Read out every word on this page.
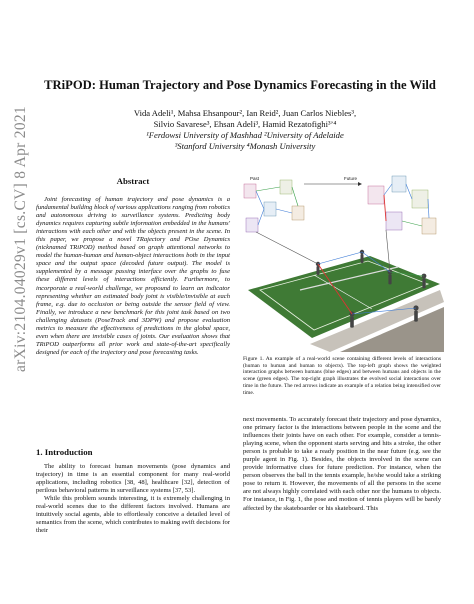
arXiv:2104.04029v1 [cs.CV] 8 Apr 2021
TRiPOD: Human Trajectory and Pose Dynamics Forecasting in the Wild
Vida Adeli¹, Mahsa Ehsanpour², Ian Reid², Juan Carlos Niebles³,
Silvio Savarese³, Ehsan Adeli³, Hamid Rezatofighi³ʼ⁴
¹Ferdowsi University of Mashhad ²University of Adelaide
³Stanford University ⁴Monash University
Abstract
Joint forecasting of human trajectory and pose dynamics is a fundamental building block of various applications ranging from robotics and autonomous driving to surveillance systems. Predicting body dynamics requires capturing subtle information embedded in the humans' interactions with each other and with the objects present in the scene. In this paper, we propose a novel TRajectory and POse Dynamics (nicknamed TRiPOD) method based on graph attentional networks to model the human-human and human-object interactions both in the input space and the output space (decoded future output). The model is supplemented by a message passing interface over the graphs to fuse these different levels of interactions efficiently. Furthermore, to incorporate a real-world challenge, we propound to learn an indicator representing whether an estimated body joint is visible/invisible at each frame, e.g. due to occlusion or being outside the sensor field of view. Finally, we introduce a new benchmark for this joint task based on two challenging datasets (PoseTrack and 3DPW) and propose evaluation metrics to measure the effectiveness of predictions in the global space, even when there are invisible cases of joints. Our evaluation shows that TRiPOD outperforms all prior work and state-of-the-art specifically designed for each of the trajectory and pose forecasting tasks.
1. Introduction

The ability to forecast human movements (pose dynamics and trajectory) in time is an essential component for many real-world applications, including robotics [38, 48], healthcare [32], detection of perilous behavioral patterns in surveillance systems [37, 53].

While this problem sounds interesting, it is extremely challenging in real-world scenes due to the different factors involved. Humans are intuitively social agents, able to effortlessly conceive a detailed level of semantics from the scene, which contributes to making swift decisions for their

Past	Future
Figure 1. An example of a real-world scene containing different levels of interactions (human to human and human to objects). The top-left graph shows the weighted interaction graphs between humans (blue edges) and between humans and objects in the scene (green edges). The top-right graph illustrates the evolved social interactions over time in the future. The red arrows indicate an example of a relation being intensified over time.
next movements. To accurately forecast their trajectory and pose dynamics, one primary factor is the interactions between people in the scene and the influences their joints have on each other. For example, consider a tennis-playing scene, when the opponent starts serving and hits a stroke, the other person is probable to take a ready position in the near future (e.g. see the purple agent in Fig. 1). Besides, the objects involved in the scene can provide informative clues for future prediction. For instance, when the person observes the ball in the tennis example, he/she would take a striking pose to return it. However, the movements of all the persons in the scene are not always highly correlated with each other nor the humans to objects. For instance, in Fig. 1, the pose and motion of tennis players will be barely affected by the skateboarder or his skateboard. This
